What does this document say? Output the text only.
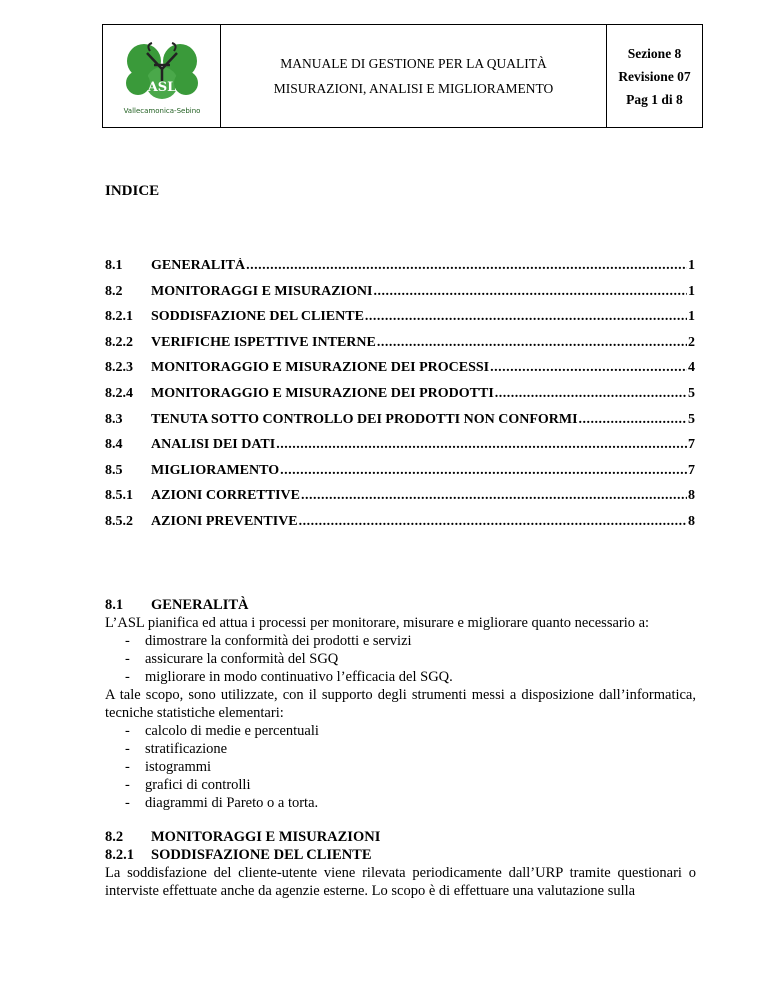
ASL
Vallecamonica-Sebino
MANUALE DI GESTIONE PER LA QUALITÀ
MISURAZIONI, ANALISI E MIGLIORAMENTO
Sezione 8
Revisione 07
Pag 1 di 8
INDICE
8.1	GENERALITÀ .....	1
8.2	MONITORAGGI E MISURAZIONI .....	1
8.2.1	SODDISFAZIONE DEL CLIENTE .....	1
8.2.2	VERIFICHE ISPETTIVE INTERNE .....	2
8.2.3	MONITORAGGIO E MISURAZIONE DEI PROCESSI .....	4
8.2.4	MONITORAGGIO E MISURAZIONE DEI PRODOTTI .....	5
8.3	TENUTA SOTTO CONTROLLO DEI PRODOTTI NON CONFORMI .....	5
8.4	ANALISI DEI DATI .....	7
8.5	MIGLIORAMENTO .....	7
8.5.1	AZIONI CORRETTIVE .....	8
8.5.2	AZIONI PREVENTIVE .....	8
8.1	GENERALITÀ
L’ASL pianifica ed attua i processi per monitorare, misurare e migliorare quanto necessario a:
-	dimostrare la conformità dei prodotti e servizi
-	assicurare la conformità del SGQ
-	migliorare in modo continuativo l’efficacia del SGQ.
A tale scopo, sono utilizzate, con il supporto degli strumenti messi a disposizione dall’informatica, tecniche statistiche elementari:
-	calcolo di medie e percentuali
-	stratificazione
-	istogrammi
-	grafici di controlli
-	diagrammi di Pareto o a torta.
8.2	MONITORAGGI E MISURAZIONI
8.2.1	SODDISFAZIONE DEL CLIENTE
La soddisfazione del cliente-utente viene rilevata periodicamente dall’URP tramite questionari o interviste effettuate anche da agenzie esterne. Lo scopo è di effettuare una valutazione sulla
